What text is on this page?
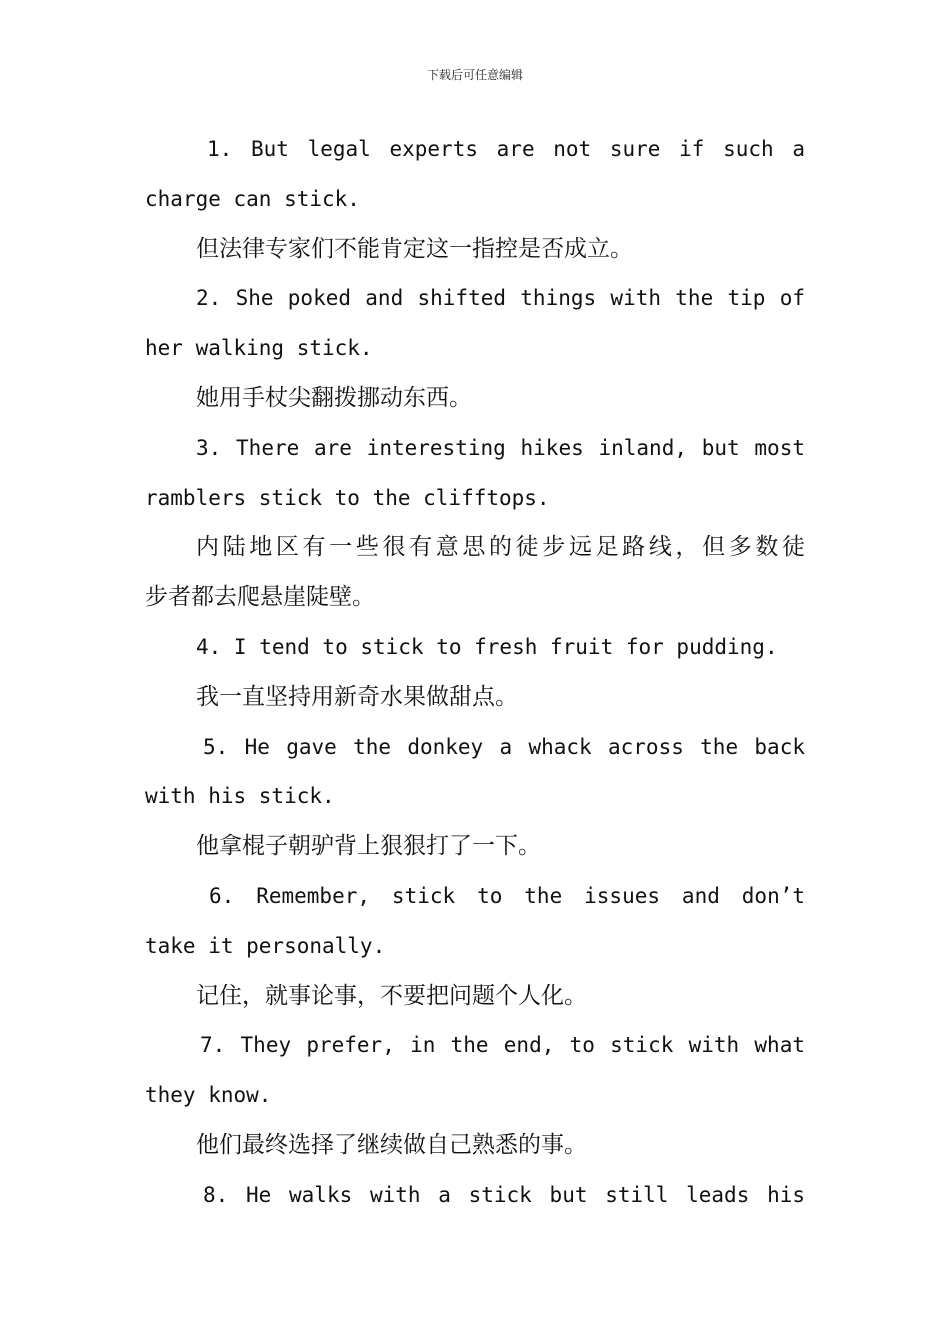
下载后可任意编辑
1. But legal experts are not sure if such a
charge can stick.
但法律专家们不能肯定这一指控是否成立。
2. She poked and shifted things with the tip of
her walking stick.
她用手杖尖翻拨挪动东西。
3. There are interesting hikes inland, but most
ramblers stick to the clifftops.
内陆地区有一些很有意思的徒步远足路线，但多数徒
步者都去爬悬崖陡壁。
4. I tend to stick to fresh fruit for pudding.
我一直坚持用新奇水果做甜点。
5. He gave the donkey a whack across the back
with his stick.
他拿棍子朝驴背上狠狠打了一下。
6. Remember, stick to the issues and don’t
take it personally.
记住，就事论事，不要把问题个人化。
7. They prefer, in the end, to stick with what
they know.
他们最终选择了继续做自己熟悉的事。
8. He walks with a stick but still leads his
